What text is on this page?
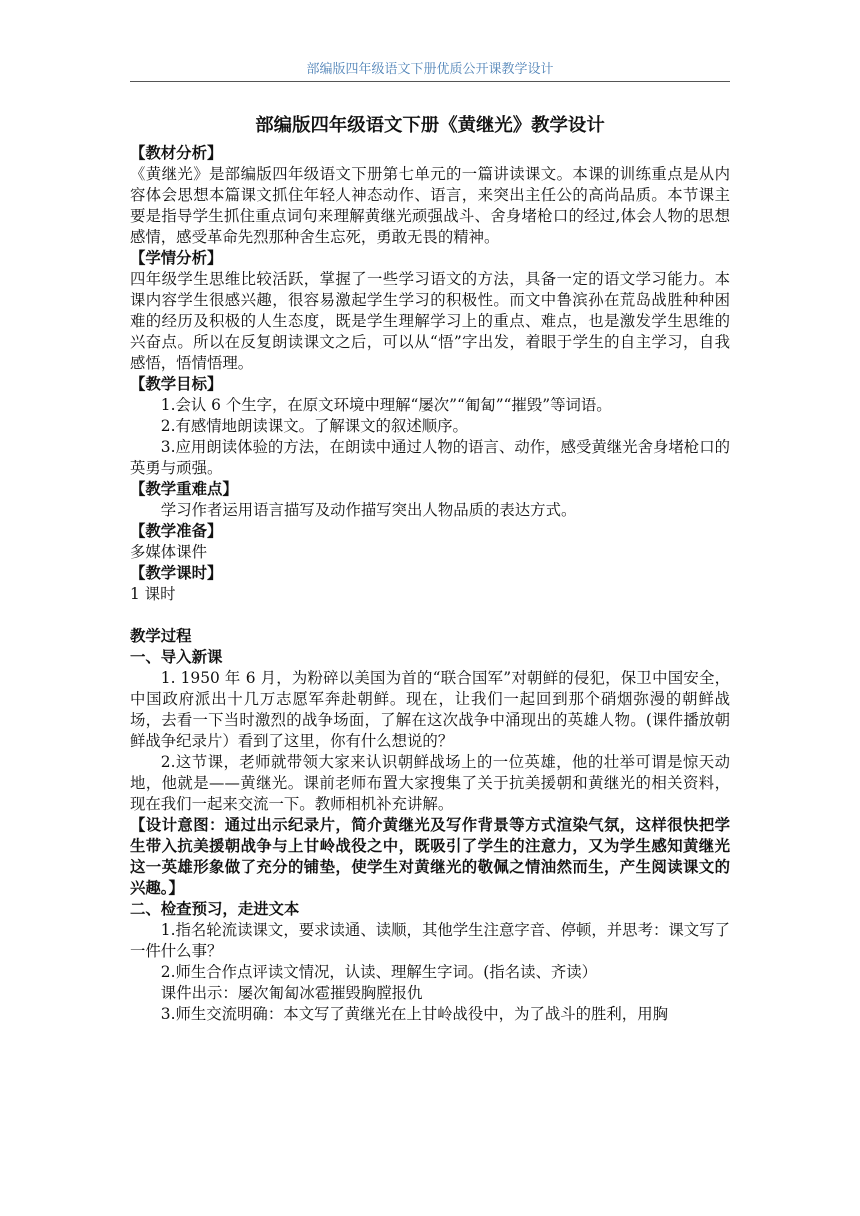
部编版四年级语文下册优质公开课教学设计
部编版四年级语文下册《黄继光》教学设计
【教材分析】
《黄继光》是部编版四年级语文下册第七单元的一篇讲读课文。本课的训练重点是从内容体会思想本篇课文抓住年轻人神态动作、语言，来突出主任公的高尚品质。本节课主要是指导学生抓住重点词句来理解黄继光顽强战斗、舍身堵枪口的经过,体会人物的思想感情，感受革命先烈那种舍生忘死，勇敢无畏的精神。
【学情分析】
四年级学生思维比较活跃，掌握了一些学习语文的方法，具备一定的语文学习能力。本课内容学生很感兴趣，很容易激起学生学习的积极性。而文中鲁滨孙在荒岛战胜种种困难的经历及积极的人生态度，既是学生理解学习上的重点、难点，也是激发学生思维的兴奋点。所以在反复朗读课文之后，可以从“悟”字出发，着眼于学生的自主学习，自我感悟，悟情悟理。
【教学目标】
1.会认 6 个生字，在原文环境中理解“屡次”“匍匐”“摧毁”等词语。
2.有感情地朗读课文。了解课文的叙述顺序。
3.应用朗读体验的方法，在朗读中通过人物的语言、动作，感受黄继光舍身堵枪口的英勇与顽强。
【教学重难点】
学习作者运用语言描写及动作描写突出人物品质的表达方式。
【教学准备】
多媒体课件
【教学课时】
1 课时
教学过程
一、导入新课
1. 1950 年 6 月，为粉碎以美国为首的“联合国军”对朝鲜的侵犯，保卫中国安全，中国政府派出十几万志愿军奔赴朝鲜。现在，让我们一起回到那个硝烟弥漫的朝鲜战场，去看一下当时激烈的战争场面，了解在这次战争中涌现出的英雄人物。(课件播放朝鲜战争纪录片）看到了这里，你有什么想说的？
2.这节课，老师就带领大家来认识朝鲜战场上的一位英雄，他的壮举可谓是惊天动地，他就是——黄继光。课前老师布置大家搜集了关于抗美援朝和黄继光的相关资料，现在我们一起来交流一下。教师相机补充讲解。
【设计意图：通过出示纪录片，简介黄继光及写作背景等方式渲染气氛，这样很快把学生带入抗美援朝战争与上甘岭战役之中，既吸引了学生的注意力，又为学生感知黄继光这一英雄形象做了充分的铺垫，使学生对黄继光的敬佩之情油然而生，产生阅读课文的兴趣。】
二、检查预习，走进文本
1.指名轮流读课文，要求读通、读顺，其他学生注意字音、停顿，并思考：课文写了一件什么事？
2.师生合作点评读文情况，认读、理解生字词。(指名读、齐读）
课件出示：屡次匍匐冰雹摧毁胸膛报仇
3.师生交流明确：本文写了黄继光在上甘岭战役中，为了战斗的胜利，用胸
